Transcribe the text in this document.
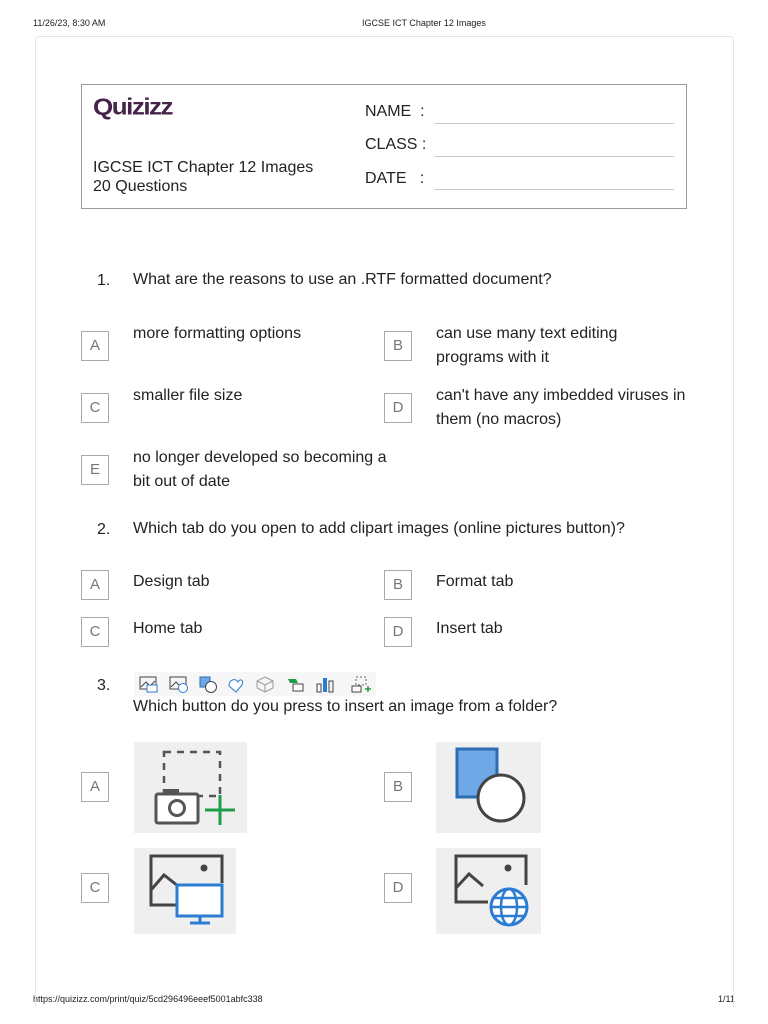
11/26/23, 8:30 AM	IGCSE ICT Chapter 12 Images
https://quizizz.com/print/quiz/5cd296496eeef5001abfc338	1/11
Quizizz
IGCSE ICT Chapter 12 Images
20 Questions
NAME  :
CLASS :
DATE   :
1. What are the reasons to use an .RTF formatted document?
A
more formatting options
B
can use many text editing programs with it
C
smaller file size
D
can't have any imbedded viruses in them (no macros)
E
no longer developed so becoming a bit out of date
2. Which tab do you open to add clipart images (online pictures button)?
A	Design tab	B	Format tab
C	Home tab	D	Insert tab
3.
Which button do you press to insert an image from a folder?
A	B
C	D
